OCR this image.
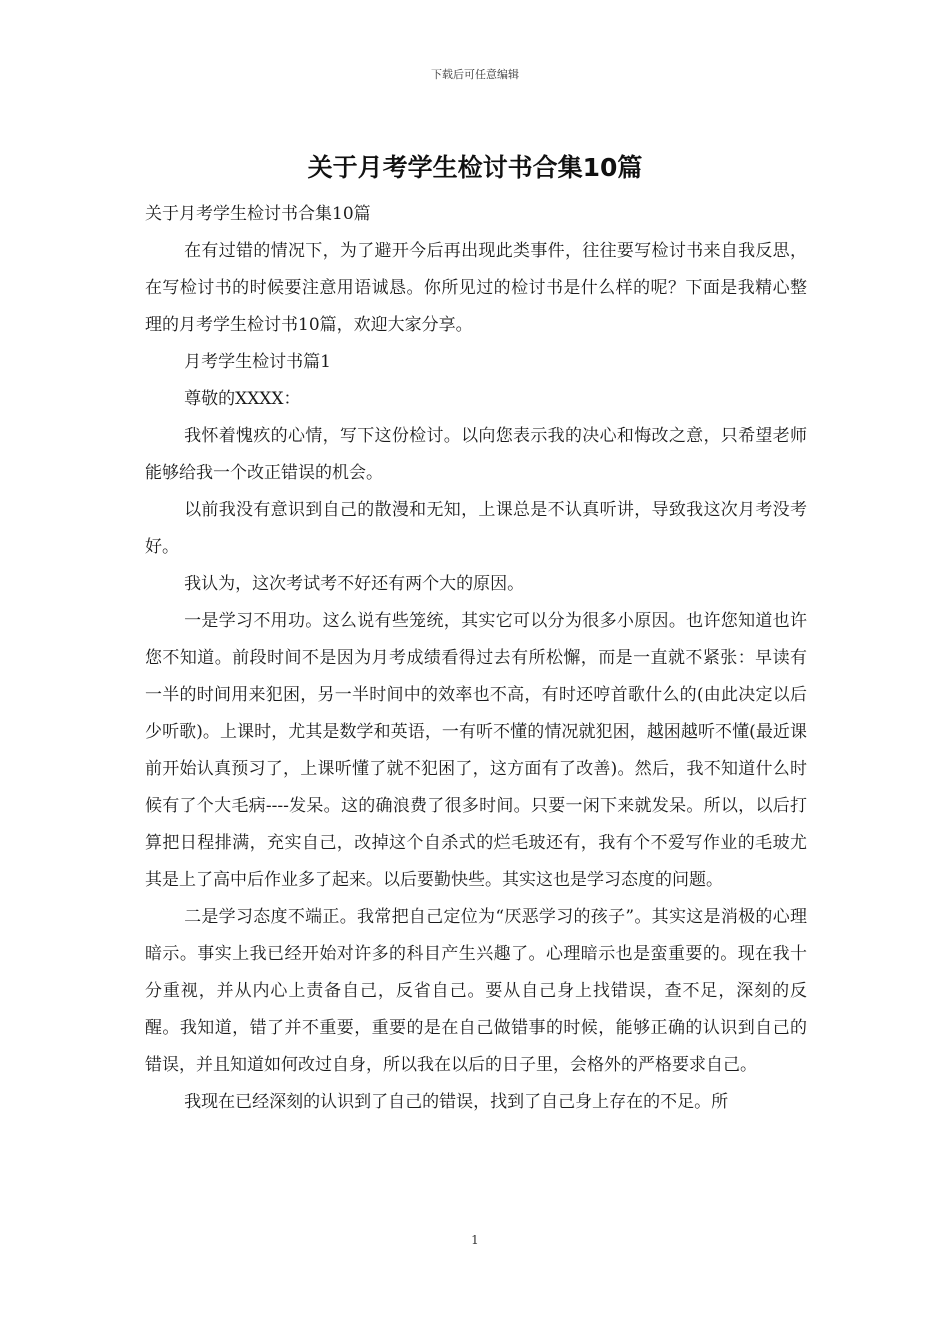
下载后可任意编辑
关于月考学生检讨书合集10篇

关于月考学生检讨书合集10篇

在有过错的情况下，为了避开今后再出现此类事件，往往要写检讨书来自我反思，在写检讨书的时候要注意用语诚恳。你所见过的检讨书是什么样的呢？下面是我精心整理的月考学生检讨书10篇，欢迎大家分享。

月考学生检讨书篇1

尊敬的XXXX：

我怀着愧疚的心情，写下这份检讨。以向您表示我的决心和悔改之意，只希望老师能够给我一个改正错误的机会。

以前我没有意识到自己的散漫和无知，上课总是不认真听讲，导致我这次月考没考好。

我认为，这次考试考不好还有两个大的原因。

一是学习不用功。这么说有些笼统，其实它可以分为很多小原因。也许您知道也许您不知道。前段时间不是因为月考成绩看得过去有所松懈，而是一直就不紧张：早读有一半的时间用来犯困，另一半时间中的效率也不高，有时还哼首歌什么的(由此决定以后少听歌)。上课时，尤其是数学和英语，一有听不懂的情况就犯困，越困越听不懂(最近课前开始认真预习了，上课听懂了就不犯困了，这方面有了改善)。然后，我不知道什么时候有了个大毛病----发呆。这的确浪费了很多时间。只要一闲下来就发呆。所以，以后打算把日程排满，充实自己，改掉这个自杀式的烂毛玻还有，我有个不爱写作业的毛玻尤其是上了高中后作业多了起来。以后要勤快些。其实这也是学习态度的问题。

二是学习态度不端正。我常把自己定位为“厌恶学习的孩子”。其实这是消极的心理暗示。事实上我已经开始对许多的科目产生兴趣了。心理暗示也是蛮重要的。现在我十分重视，并从内心上责备自己，反省自己。要从自己身上找错误，查不足，深刻的反醒。我知道，错了并不重要，重要的是在自己做错事的时候，能够正确的认识到自己的错误，并且知道如何改过自身，所以我在以后的日子里，会格外的严格要求自己。

我现在已经深刻的认识到了自己的错误，找到了自己身上存在的不足。所

1
